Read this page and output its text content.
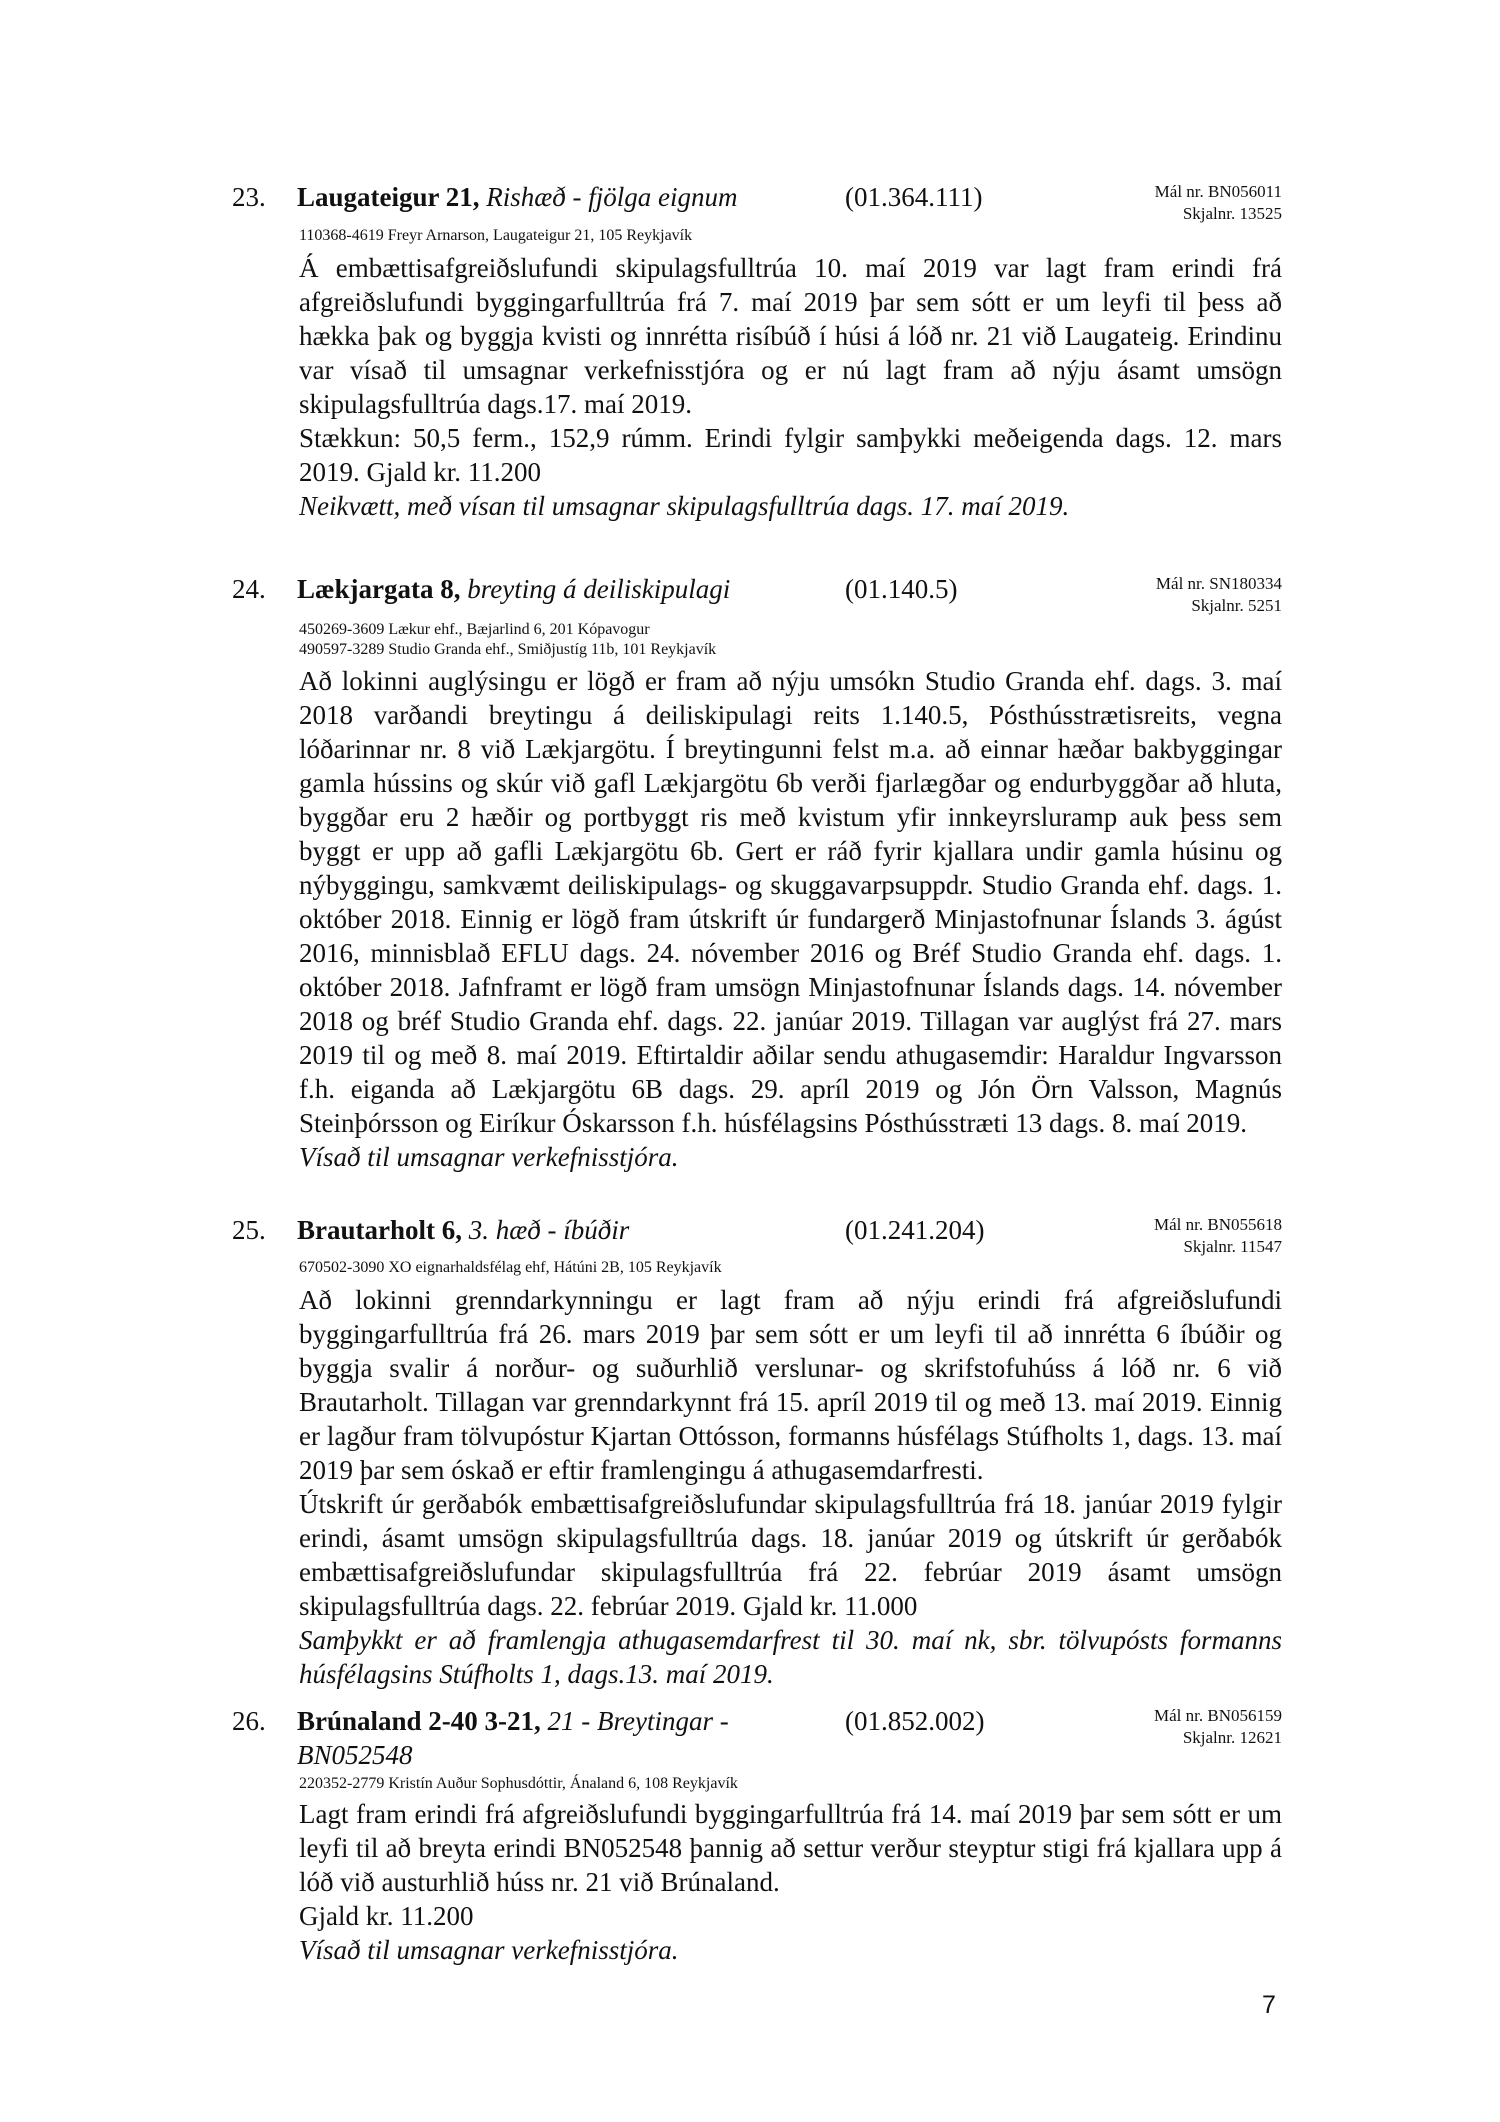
23. Laugateigur 21, Rishæð - fjölga eignum	(01.364.111)	Mál nr. BN056011
Skjalnr. 13525
110368-4619 Freyr Arnarson, Laugateigur 21, 105 Reykjavík

Á embættisafgreiðslufundi skipulagsfulltrúa 10. maí 2019 var lagt fram erindi frá afgreiðslufundi byggingarfulltrúa frá 7. maí 2019 þar sem sótt er um leyfi til þess að hækka þak og byggja kvisti og innrétta risíbúð í húsi á lóð nr. 21 við Laugateig. Erindinu var vísað til umsagnar verkefnisstjóra og er nú lagt fram að nýju ásamt umsögn skipulagsfulltrúa dags.17. maí 2019.

Stækkun: 50,5 ferm., 152,9 rúmm. Erindi fylgir samþykki meðeigenda dags. 12. mars 2019. Gjald kr. 11.200

Neikvætt, með vísan til umsagnar skipulagsfulltrúa dags. 17. maí 2019.

24. Lækjargata 8, breyting á deiliskipulagi	(01.140.5)	Mál nr. SN180334
Skjalnr. 5251
450269-3609 Lækur ehf., Bæjarlind 6, 201 Kópavogur
490597-3289 Studio Granda ehf., Smiðjustíg 11b, 101 Reykjavík

Að lokinni auglýsingu er lögð er fram að nýju umsókn Studio Granda ehf. dags. 3. maí 2018 varðandi breytingu á deiliskipulagi reits 1.140.5, Pósthússtrætisreits, vegna lóðarinnar nr. 8 við Lækjargötu. Í breytingunni felst m.a. að einnar hæðar bakbyggingar gamla hússins og skúr við gafl Lækjargötu 6b verði fjarlægðar og endurbyggðar að hluta, byggðar eru 2 hæðir og portbyggt ris með kvistum yfir innkeyrsluramp auk þess sem byggt er upp að gafli Lækjargötu 6b. Gert er ráð fyrir kjallara undir gamla húsinu og nýbyggingu, samkvæmt deiliskipulags- og skuggavarpsuppdr. Studio Granda ehf. dags. 1. október 2018. Einnig er lögð fram útskrift úr fundargerð Minjastofnunar Íslands 3. ágúst 2016, minnisblað EFLU dags. 24. nóvember 2016 og Bréf Studio Granda ehf. dags. 1. október 2018. Jafnframt er lögð fram umsögn Minjastofnunar Íslands dags. 14. nóvember 2018 og bréf Studio Granda ehf. dags. 22. janúar 2019. Tillagan var auglýst frá 27. mars 2019 til og með 8. maí 2019. Eftirtaldir aðilar sendu athugasemdir: Haraldur Ingvarsson f.h. eiganda að Lækjargötu 6B dags. 29. apríl 2019 og Jón Örn Valsson, Magnús Steinþórsson og Eiríkur Óskarsson f.h. húsfélagsins Pósthússtræti 13 dags. 8. maí 2019.

Vísað til umsagnar verkefnisstjóra.

25. Brautarholt 6, 3. hæð - íbúðir	(01.241.204)	Mál nr. BN055618
Skjalnr. 11547
670502-3090 XO eignarhaldsfélag ehf, Hátúni 2B, 105 Reykjavík

Að lokinni grenndarkynningu er lagt fram að nýju erindi frá afgreiðslufundi byggingarfulltrúa frá 26. mars 2019 þar sem sótt er um leyfi til að innrétta 6 íbúðir og byggja svalir á norður- og suðurhlið verslunar- og skrifstofuhúss á lóð nr. 6 við Brautarholt. Tillagan var grenndarkynnt frá 15. apríl 2019 til og með 13. maí 2019. Einnig er lagður fram tölvupóstur Kjartan Ottósson, formanns húsfélags Stúfholts 1, dags. 13. maí 2019 þar sem óskað er eftir framlengingu á athugasemdarfresti.

Útskrift úr gerðabók embættisafgreiðslufundar skipulagsfulltrúa frá 18. janúar 2019 fylgir erindi, ásamt umsögn skipulagsfulltrúa dags. 18. janúar 2019 og útskrift úr gerðabók embættisafgreiðslufundar skipulagsfulltrúa frá 22. febrúar 2019 ásamt umsögn skipulagsfulltrúa dags. 22. febrúar 2019. Gjald kr. 11.000

Samþykkt er að framlengja athugasemdarfrest til 30. maí nk, sbr. tölvupósts formanns húsfélagsins Stúfholts 1, dags.13. maí 2019.

26. Brúnaland 2-40 3-21, 21 - Breytingar - BN052548
(01.852.002)	Mál nr. BN056159
Skjalnr. 12621
220352-2779 Kristín Auður Sophusdóttir, Ánaland 6, 108 Reykjavík

Lagt fram erindi frá afgreiðslufundi byggingarfulltrúa frá 14. maí 2019 þar sem sótt er um leyfi til að breyta erindi BN052548 þannig að settur verður steyptur stigi frá kjallara upp á lóð við austurhlið húss nr. 21 við Brúnaland.

Gjald kr. 11.200

Vísað til umsagnar verkefnisstjóra.

7
